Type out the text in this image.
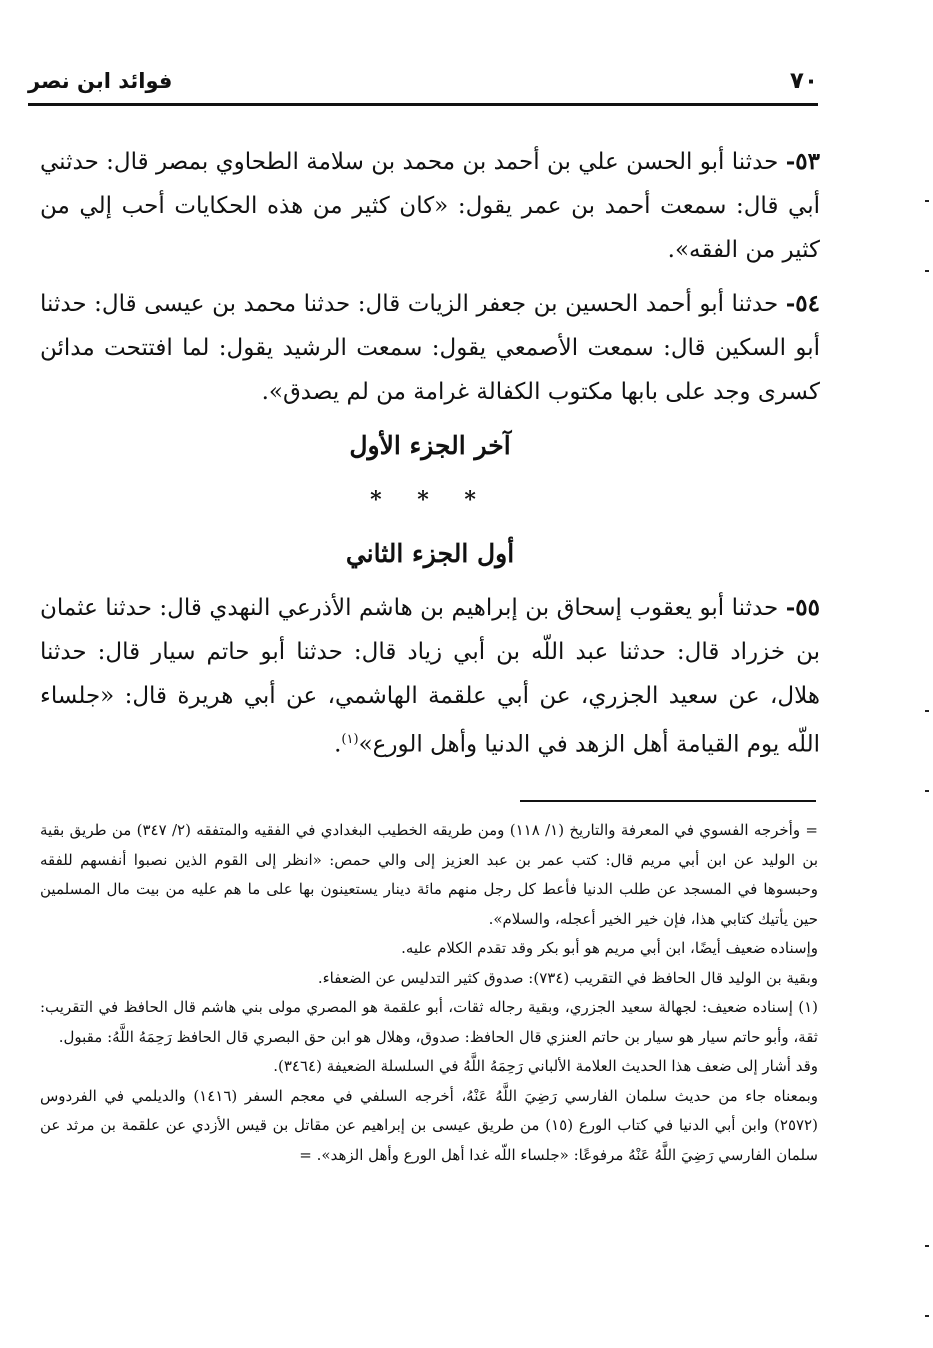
فوائد ابن نصر	٧٠

٥٣- حدثنا أبو الحسن علي بن أحمد بن محمد بن سلامة الطحاوي بمصر قال: حدثني أبي قال: سمعت أحمد بن عمر يقول: «كان كثير من هذه الحكايات أحب إلي من كثير من الفقه».

٥٤- حدثنا أبو أحمد الحسين بن جعفر الزيات قال: حدثنا محمد بن عيسى قال: حدثنا أبو السكين قال: سمعت الأصمعي يقول: سمعت الرشيد يقول: لما افتتحت مدائن كسرى وجد على بابها مكتوب الكفالة غرامة من لم يصدق».

آخر الجزء الأول

* * *

أول الجزء الثاني

٥٥- حدثنا أبو يعقوب إسحاق بن إبراهيم بن هاشم الأذرعي النهدي قال: حدثنا عثمان بن خزراد قال: حدثنا عبد اللّه بن أبي زياد قال: حدثنا أبو حاتم سيار قال: حدثنا هلال، عن سعيد الجزري، عن أبي علقمة الهاشمي، عن أبي هريرة قال: «جلساء اللّه يوم القيامة أهل الزهد في الدنيا وأهل الورع»$^{(١)}$.

= وأخرجه الفسوي في المعرفة والتاريخ (١/ ١١٨) ومن طريقه الخطيب البغدادي في الفقيه والمتفقه (٢/ ٣٤٧) من طريق بقية بن الوليد عن ابن أبي مريم قال: كتب عمر بن عبد العزيز إلى والي حمص: «انظر إلى القوم الذين نصبوا أنفسهم للفقه وحبسوها في المسجد عن طلب الدنيا فأعط كل رجل منهم مائة دينار يستعينون بها على ما هم عليه من بيت مال المسلمين حين يأتيك كتابي هذا، فإن خير الخير أعجله، والسلام».

وإسناده ضعيف أيضًا، ابن أبي مريم هو أبو بكر وقد تقدم الكلام عليه.

وبقية بن الوليد قال الحافظ في التقريب (٧٣٤): صدوق كثير التدليس عن الضعفاء.

(١) إسناده ضعيف: لجهالة سعيد الجزري، وبقية رجاله ثقات، أبو علقمة هو المصري مولى بني هاشم قال الحافظ في التقريب: ثقة، وأبو حاتم سيار هو سيار بن حاتم العنزي قال الحافظ: صدوق، وهلال هو ابن حق البصري قال الحافظ رَحِمَهُ اللَّهُ: مقبول.

وقد أشار إلى ضعف هذا الحديث العلامة الألباني رَحِمَهُ اللَّهُ في السلسلة الضعيفة (٣٤٦٤).

وبمعناه جاء من حديث سلمان الفارسي رَضِيَ اللَّهُ عَنْهُ، أخرجه السلفي في معجم السفر (١٤١٦) والديلمي في الفردوس (٢٥٧٢) وابن أبي الدنيا في كتاب الورع (١٥) من طريق عيسى بن إبراهيم عن مقاتل بن قيس الأزدي عن علقمة بن مرثد عن سلمان الفارسي رَضِيَ اللَّهُ عَنْهُ مرفوعًا: «جلساء اللّه غدا أهل الورع وأهل الزهد». =
